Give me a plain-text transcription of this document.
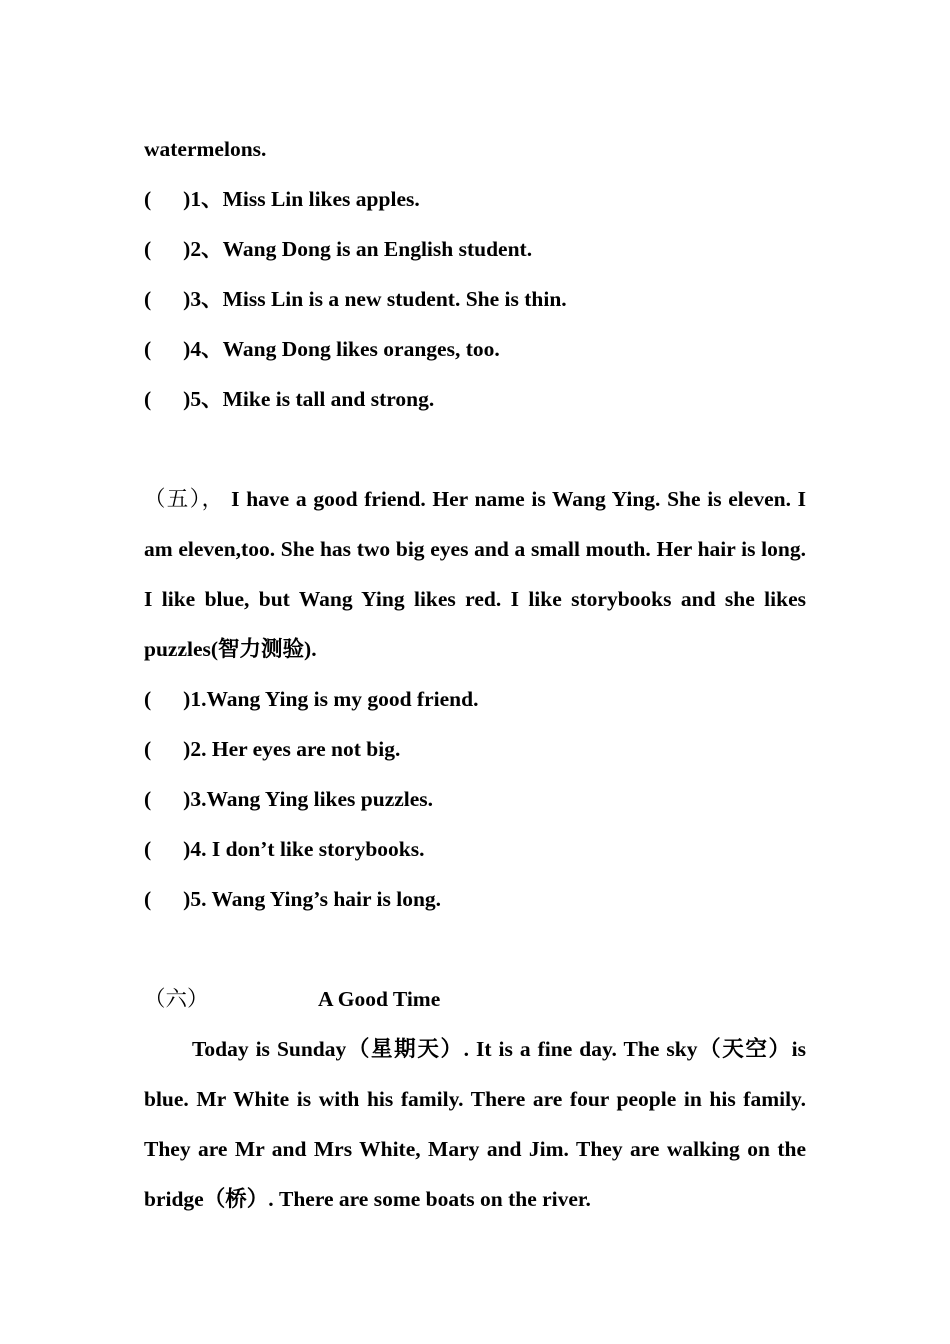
watermelons.
( )1、Miss Lin likes apples.
( )2、Wang Dong is an English student.
( )3、Miss Lin is a new student. She is thin.
( )4、Wang Dong likes oranges, too.
( )5、Mike is tall and strong.
（五）， I have a good friend. Her name is Wang Ying. She is eleven. I am eleven,too. She has two big eyes and a small mouth. Her hair is long. I like blue, but Wang Ying likes red. I like storybooks and she likes puzzles(智力测验).
( )1.Wang Ying is my good friend.
( )2. Her eyes are not big.
( )3.Wang Ying likes puzzles.
( )4. I don’t like storybooks.
( )5. Wang Ying’s hair is long.
（六）	A Good Time
Today is Sunday（星期天）. It is a fine day. The sky（天空）is blue. Mr White is with his family. There are four people in his family. They are Mr and Mrs White, Mary and Jim. They are walking on the bridge（桥）. There are some boats on the river.
